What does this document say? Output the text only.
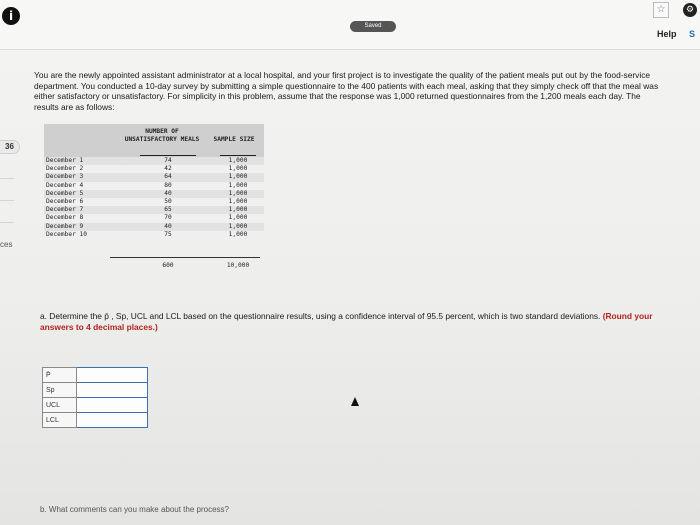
i
Saved
☆	⚙
Help S
36
ces
You are the newly appointed assistant administrator at a local hospital, and your first project is to investigate the quality of the patient meals put out by the food-service department. You conducted a 10-day survey by submitting a simple questionnaire to the 400 patients with each meal, asking that they simply check off that the meal was either satisfactory or unsatisfactory. For simplicity in this problem, assume that the response was 1,000 returned questionnaires from the 1,200 meals each day. The results are as follows:
NUMBER OF UNSATISFACTORY MEALS	SAMPLE SIZE
December 1	74	1,000
December 2	42	1,000
December 3	64	1,000
December 4	80	1,000
December 5	40	1,000
December 6	50	1,000
December 7	65	1,000
December 8	70	1,000
December 9	40	1,000
December 10	75	1,000
600	10,000
a. Determine the p̄ , Sp, UCL and LCL based on the questionnaire results, using a confidence interval of 95.5 percent, which is two standard deviations. (Round your answers to 4 decimal places.)
P̄	
Sp	
UCL	
LCL	
b. What comments can you make about the process?
